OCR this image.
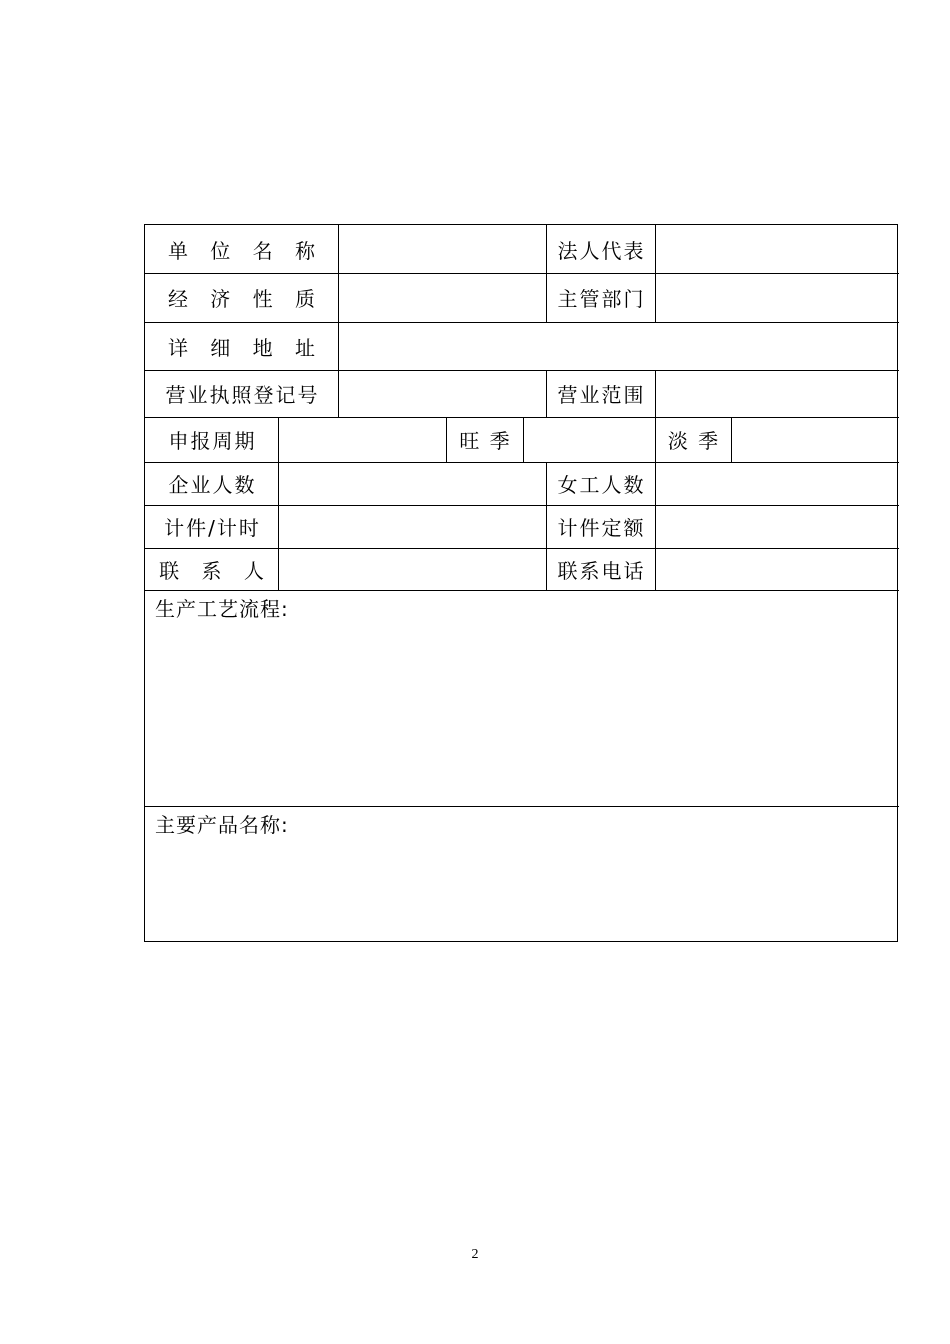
单 位 名 称	法人代表
经 济 性 质	主管部门
详 细 地 址
营业执照登记号	营业范围
申报周期	旺 季	淡 季
企业人数	女工人数
计件/计时	计件定额
联 系 人	联系电话
生产工艺流程:
主要产品名称:
2
